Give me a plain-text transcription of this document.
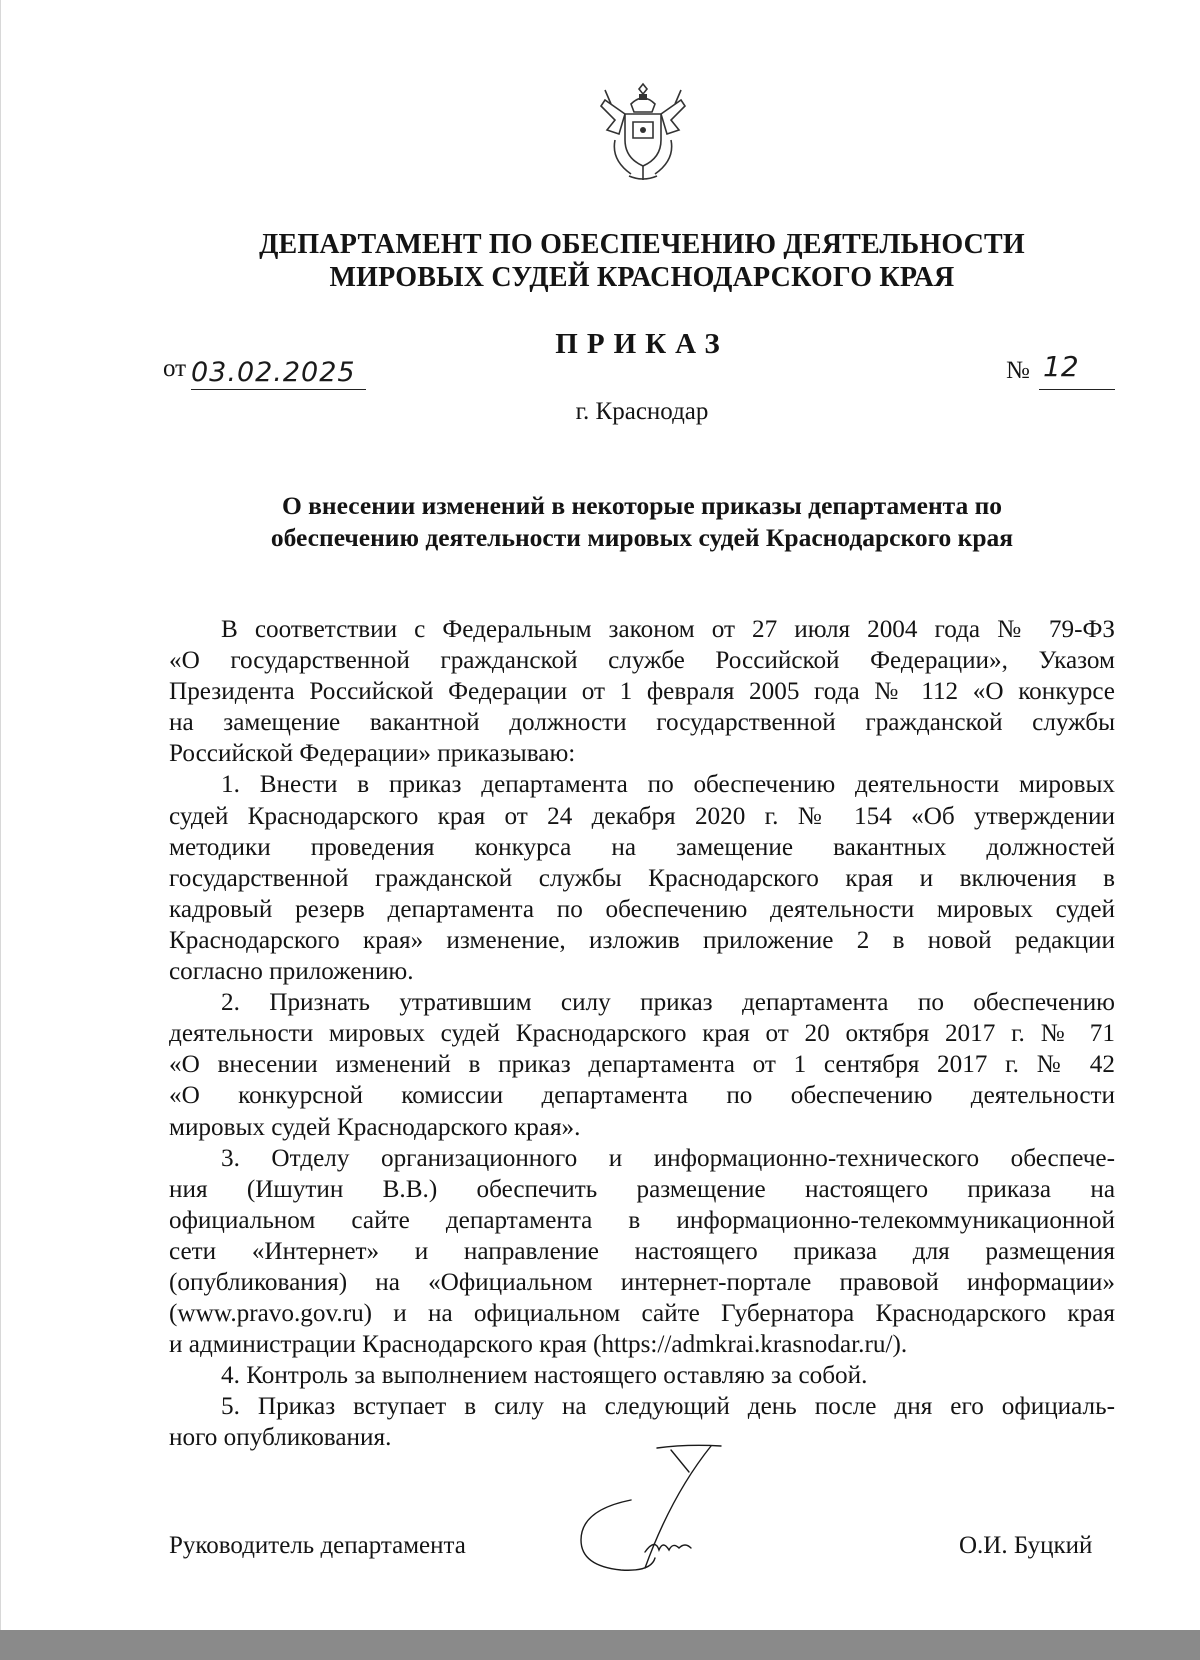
ДЕПАРТАМЕНТ ПО ОБЕСПЕЧЕНИЮ ДЕЯТЕЛЬНОСТИ
МИРОВЫХ СУДЕЙ КРАСНОДАРСКОГО КРАЯ
ПРИКАЗ
от 03.02.2025	№ 12
г. Краснодар
О внесении изменений в некоторые приказы департамента по
обеспечению деятельности мировых судей Краснодарского края

В соответствии с Федеральным законом от 27 июля 2004 года № 79-ФЗ

«О государственной гражданской службе Российской Федерации», Указом

Президента Российской Федерации от 1 февраля 2005 года № 112 «О конкурсе

на замещение вакантной должности государственной гражданской службы

Российской Федерации» приказываю:

1. Внести в приказ департамента по обеспечению деятельности мировых

судей Краснодарского края от 24 декабря 2020 г. № 154 «Об утверждении

методики проведения конкурса на замещение вакантных должностей

государственной гражданской службы Краснодарского края и включения в

кадровый резерв департамента по обеспечению деятельности мировых судей

Краснодарского края» изменение, изложив приложение 2 в новой редакции

согласно приложению.

2. Признать утратившим силу приказ департамента по обеспечению

деятельности мировых судей Краснодарского края от 20 октября 2017 г. № 71

«О внесении изменений в приказ департамента от 1 сентября 2017 г. № 42

«О конкурсной комиссии департамента по обеспечению деятельности

мировых судей Краснодарского края».

3. Отделу организационного и информационно-технического обеспече-

ния (Ишутин В.В.) обеспечить размещение настоящего приказа на

официальном сайте департамента в информационно-телекоммуникационной

сети «Интернет» и направление настоящего приказа для размещения

(опубликования) на «Официальном интернет-портале правовой информации»

(www.pravo.gov.ru) и на официальном сайте Губернатора Краснодарского края

и администрации Краснодарского края (https://admkrai.krasnodar.ru/).

4. Контроль за выполнением настоящего оставляю за собой.

5. Приказ вступает в силу на следующий день после дня его официаль-

ного опубликования.

Руководитель департамента	О.И. Буцкий
